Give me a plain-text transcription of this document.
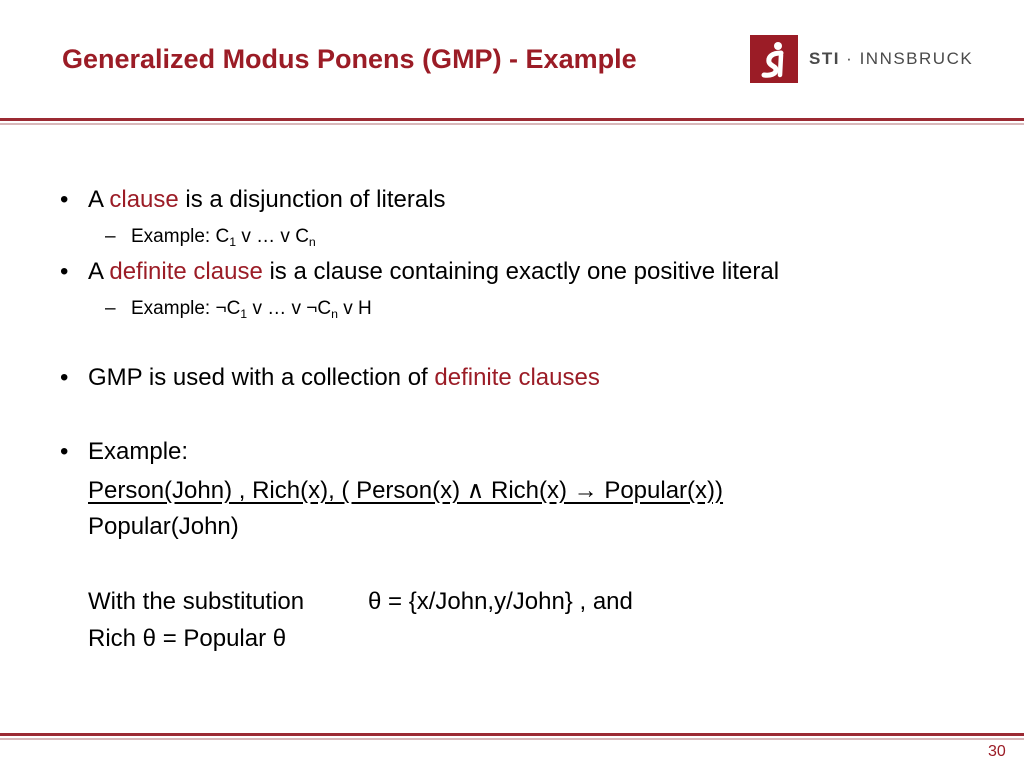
Generalized Modus Ponens (GMP) - Example	STI · INNSBRUCK
• A clause is a disjunction of literals
– Example: $C_1$ v … v $C_n$
• A definite clause is a clause containing exactly one positive literal
– Example: $\neg C_1$ v … v $\neg C_n$ v H
• GMP is used with a collection of definite clauses
• Example:
Person(John) , Rich(x), ( Person(x) ∧ Rich(x) → Popular(x))
Popular(John)
With the substitution	θ = {x/John,y/John} , and
Rich θ = Popular θ
30
